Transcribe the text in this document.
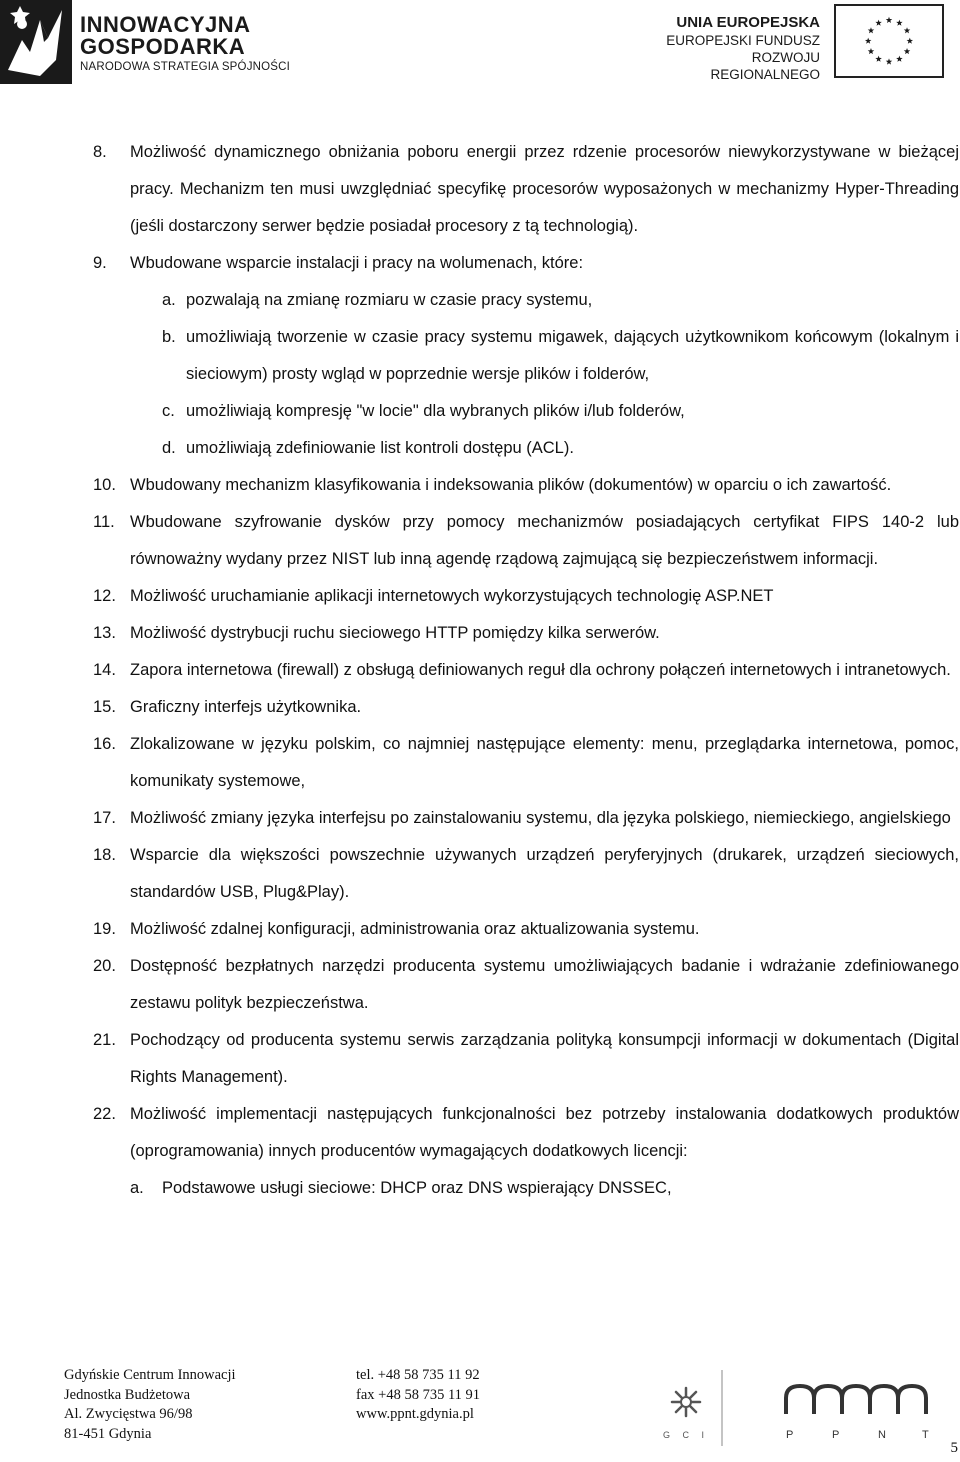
INNOWACYJNA
GOSPODARKA
NARODOWA STRATEGIA SPÓJNOŚCI
UNIA EUROPEJSKA
EUROPEJSKI FUNDUSZ
ROZWOJU REGIONALNEGO
8.	Możliwość dynamicznego obniżania poboru energii przez rdzenie procesorów niewykorzystywane w bieżącej pracy. Mechanizm ten musi uwzględniać specyfikę procesorów wyposażonych w mechanizmy Hyper-Threading (jeśli dostarczony serwer będzie posiadał procesory z tą technologią).
9.	Wbudowane wsparcie instalacji i pracy na wolumenach, które:
a. pozwalają na zmianę rozmiaru w czasie pracy systemu,
b. umożliwiają tworzenie w czasie pracy systemu migawek, dających użytkownikom końcowym (lokalnym i sieciowym) prosty wgląd w poprzednie wersje plików i folderów,
c. umożliwiają kompresję "w locie" dla wybranych plików i/lub folderów,
d. umożliwiają zdefiniowanie list kontroli dostępu (ACL).
10. Wbudowany mechanizm klasyfikowania i indeksowania plików (dokumentów) w oparciu o ich zawartość.
11. Wbudowane szyfrowanie dysków przy pomocy mechanizmów posiadających certyfikat FIPS 140-2 lub równoważny wydany przez NIST lub inną agendę rządową zajmującą się bezpieczeństwem informacji.
12. Możliwość uruchamianie aplikacji internetowych wykorzystujących technologię ASP.NET
13. Możliwość dystrybucji ruchu sieciowego HTTP pomiędzy kilka serwerów.
14. Zapora internetowa (firewall) z obsługą definiowanych reguł dla ochrony połączeń internetowych i intranetowych.
15. Graficzny interfejs użytkownika.
16. Zlokalizowane w języku polskim, co najmniej następujące elementy: menu, przeglądarka internetowa, pomoc, komunikaty systemowe,
17. Możliwość zmiany języka interfejsu po zainstalowaniu systemu, dla języka polskiego, niemieckiego, angielskiego
18. Wsparcie dla większości powszechnie używanych urządzeń peryferyjnych (drukarek, urządzeń sieciowych, standardów USB, Plug&Play).
19. Możliwość zdalnej konfiguracji, administrowania oraz aktualizowania systemu.
20. Dostępność bezpłatnych narzędzi producenta systemu umożliwiających badanie i wdrażanie zdefiniowanego zestawu polityk bezpieczeństwa.
21. Pochodzący od producenta systemu serwis zarządzania polityką konsumpcji informacji w dokumentach (Digital Rights Management).
22. Możliwość implementacji następujących funkcjonalności bez potrzeby instalowania dodatkowych produktów (oprogramowania) innych producentów wymagających dodatkowych licencji:
a.	Podstawowe usługi sieciowe: DHCP oraz DNS wspierający DNSSEC,
Gdyńskie Centrum Innowacji
Jednostka Budżetowa
Al. Zwycięstwa 96/98
81-451 Gdynia
tel. +48 58 735 11 92
fax +48 58 735 11 91
www.ppnt.gdynia.pl
G C I	P	P	N	T
5
